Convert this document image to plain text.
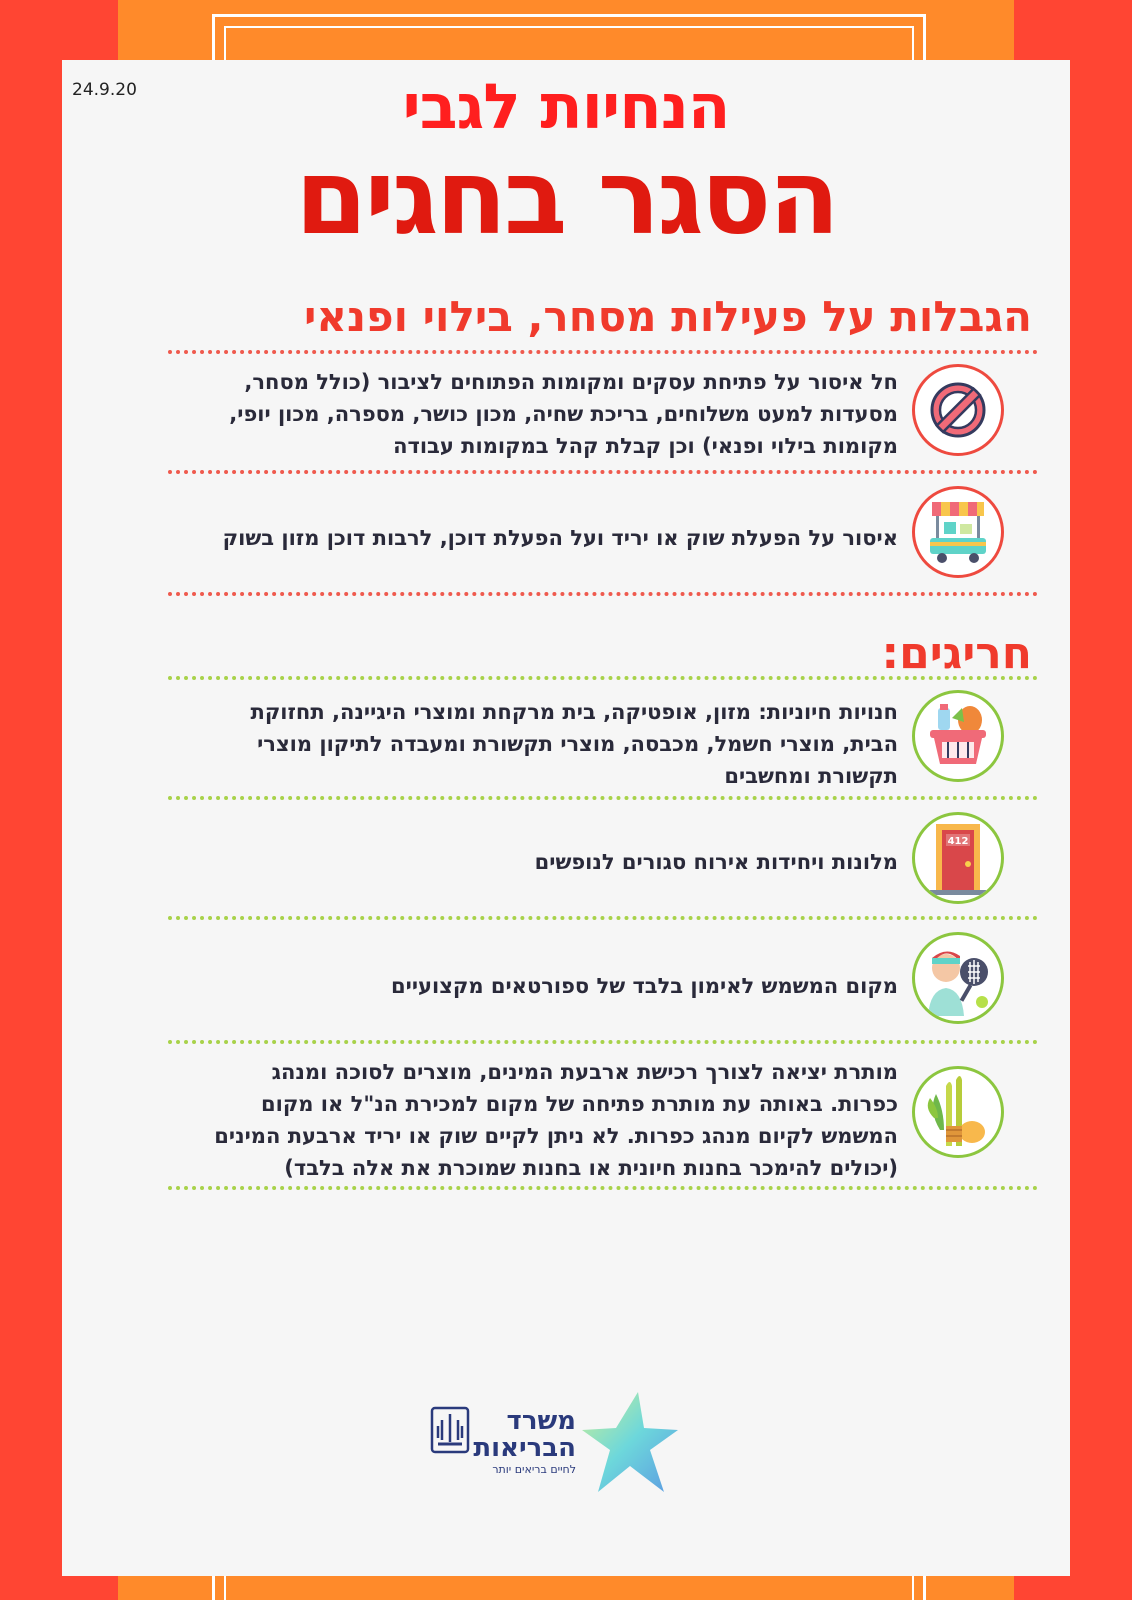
24.9.20	הנחיות לגבי
הסגר בחגים
הגבלות על פעילות מסחר, בילוי ופנאי
חל איסור על פתיחת עסקים ומקומות הפתוחים לציבור (כולל מסחר, מסעדות למעט משלוחים, בריכת שחיה, מכון כושר, מספרה, מכון יופי, מקומות בילוי ופנאי) וכן קבלת קהל במקומות עבודה
איסור על הפעלת שוק או יריד ועל הפעלת דוכן, לרבות דוכן מזון בשוק
חריגים:
חנויות חיוניות: מזון, אופטיקה, בית מרקחת ומוצרי היגיינה, תחזוקת הבית, מוצרי חשמל, מכבסה, מוצרי תקשורת ומעבדה לתיקון מוצרי תקשורת ומחשבים
412
מלונות ויחידות אירוח סגורים לנופשים
מקום המשמש לאימון בלבד של ספורטאים מקצועיים
מותרת יציאה לצורך רכישת ארבעת המינים, מוצרים לסוכה ומנהג כפרות. באותה עת מותרת פתיחה של מקום למכירת הנ"ל או מקום המשמש לקיום מנהג כפרות. לא ניתן לקיים שוק או יריד ארבעת המינים (יכולים להימכר בחנות חיונית או בחנות שמוכרת את אלה בלבד)
משרד
הבריאות
לחיים בריאים יותר
